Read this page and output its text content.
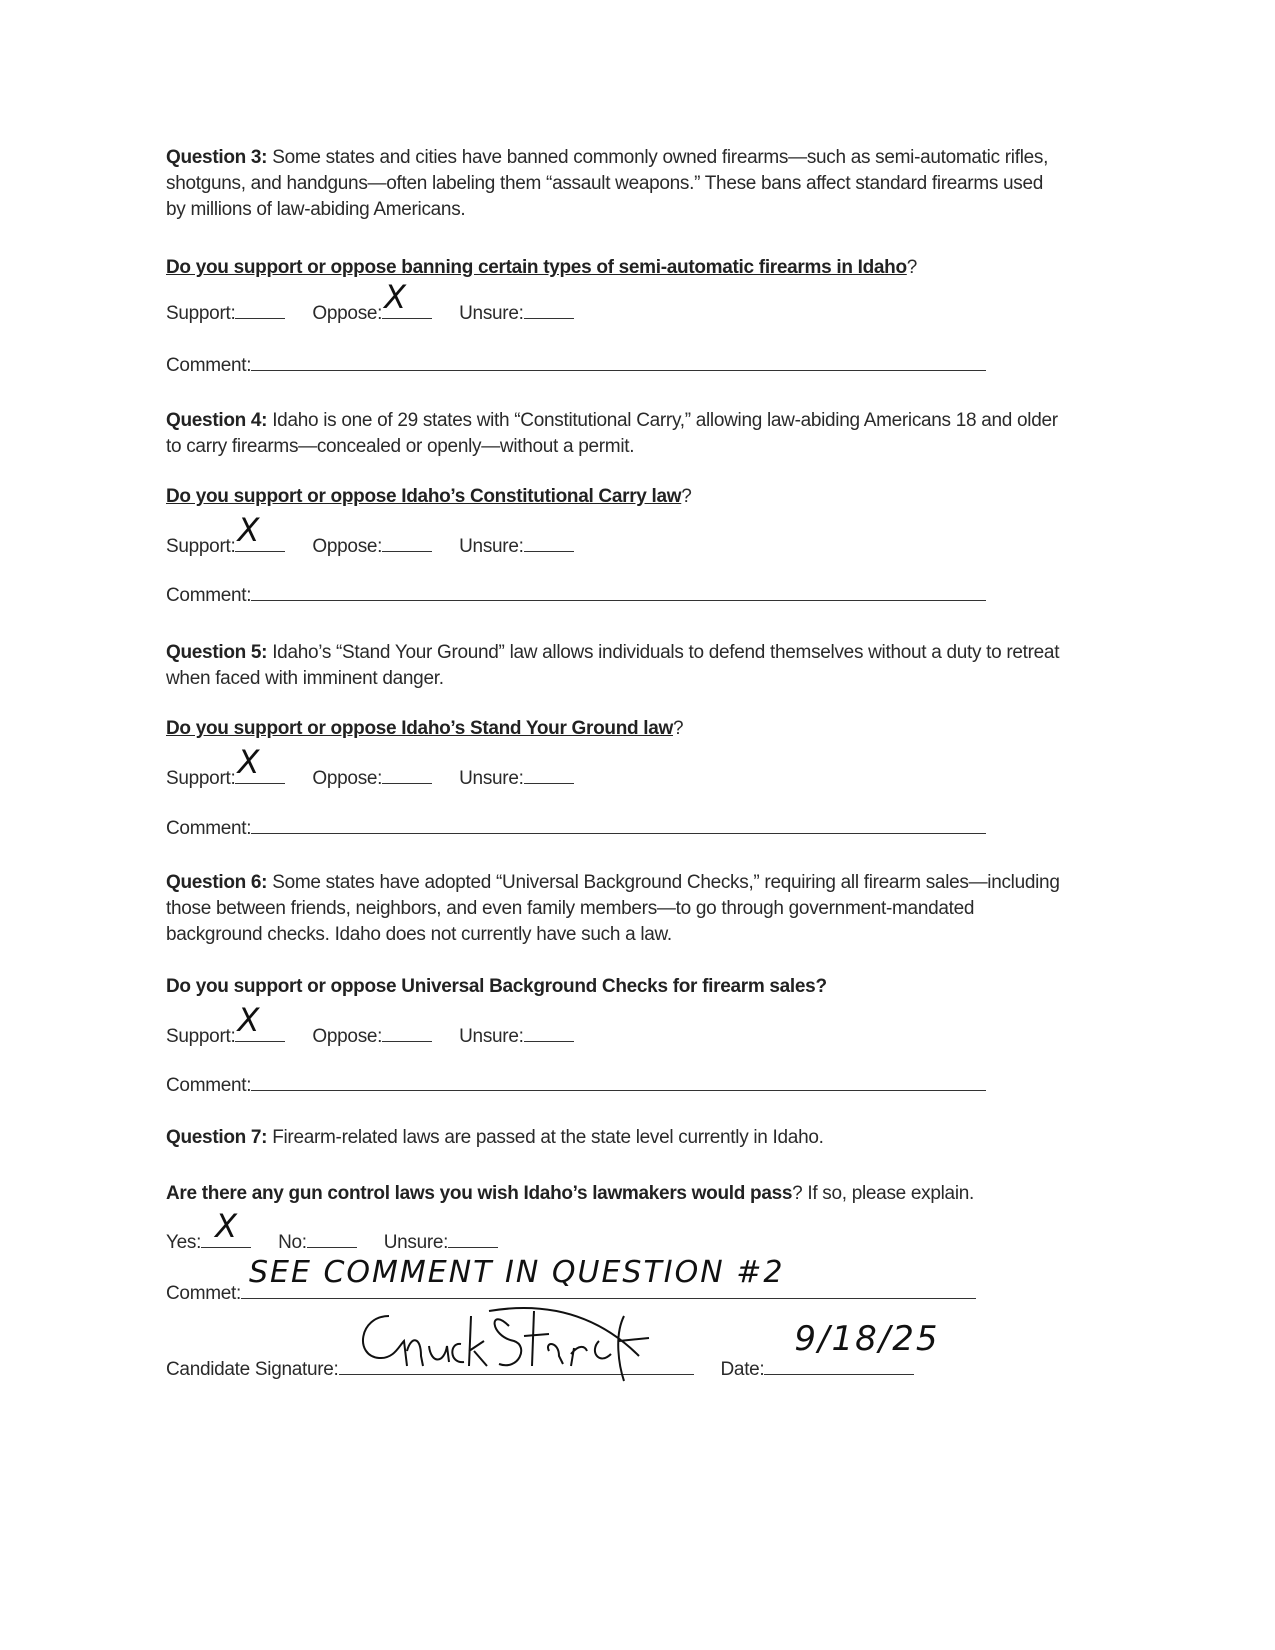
Question 3: Some states and cities have banned commonly owned firearms—such as semi-automatic rifles, shotguns, and handguns—often labeling them “assault weapons.” These bans affect standard firearms used by millions of law-abiding Americans.
Do you support or oppose banning certain types of semi-automatic firearms in Idaho?
Support:	Oppose: X	Unsure:
Comment:
Question 4: Idaho is one of 29 states with “Constitutional Carry,” allowing law-abiding Americans 18 and older to carry firearms—concealed or openly—without a permit.
Do you support or oppose Idaho’s Constitutional Carry law?
Support: X	Oppose:	Unsure:
Comment:
Question 5: Idaho’s “Stand Your Ground” law allows individuals to defend themselves without a duty to retreat when faced with imminent danger.
Do you support or oppose Idaho’s Stand Your Ground law?
Support: X	Oppose:	Unsure:
Comment:
Question 6: Some states have adopted “Universal Background Checks,” requiring all firearm sales—including those between friends, neighbors, and even family members—to go through government-mandated background checks. Idaho does not currently have such a law.
Do you support or oppose Universal Background Checks for firearm sales?
Support: X	Oppose:	Unsure:
Comment:
Question 7: Firearm-related laws are passed at the state level currently in Idaho.
Are there any gun control laws you wish Idaho’s lawmakers would pass? If so, please explain.
Yes: X No:	Unsure:
Commet:
SEE COMMENT IN QUESTION #2
Candidate Signature:	Date:
9/18/25
